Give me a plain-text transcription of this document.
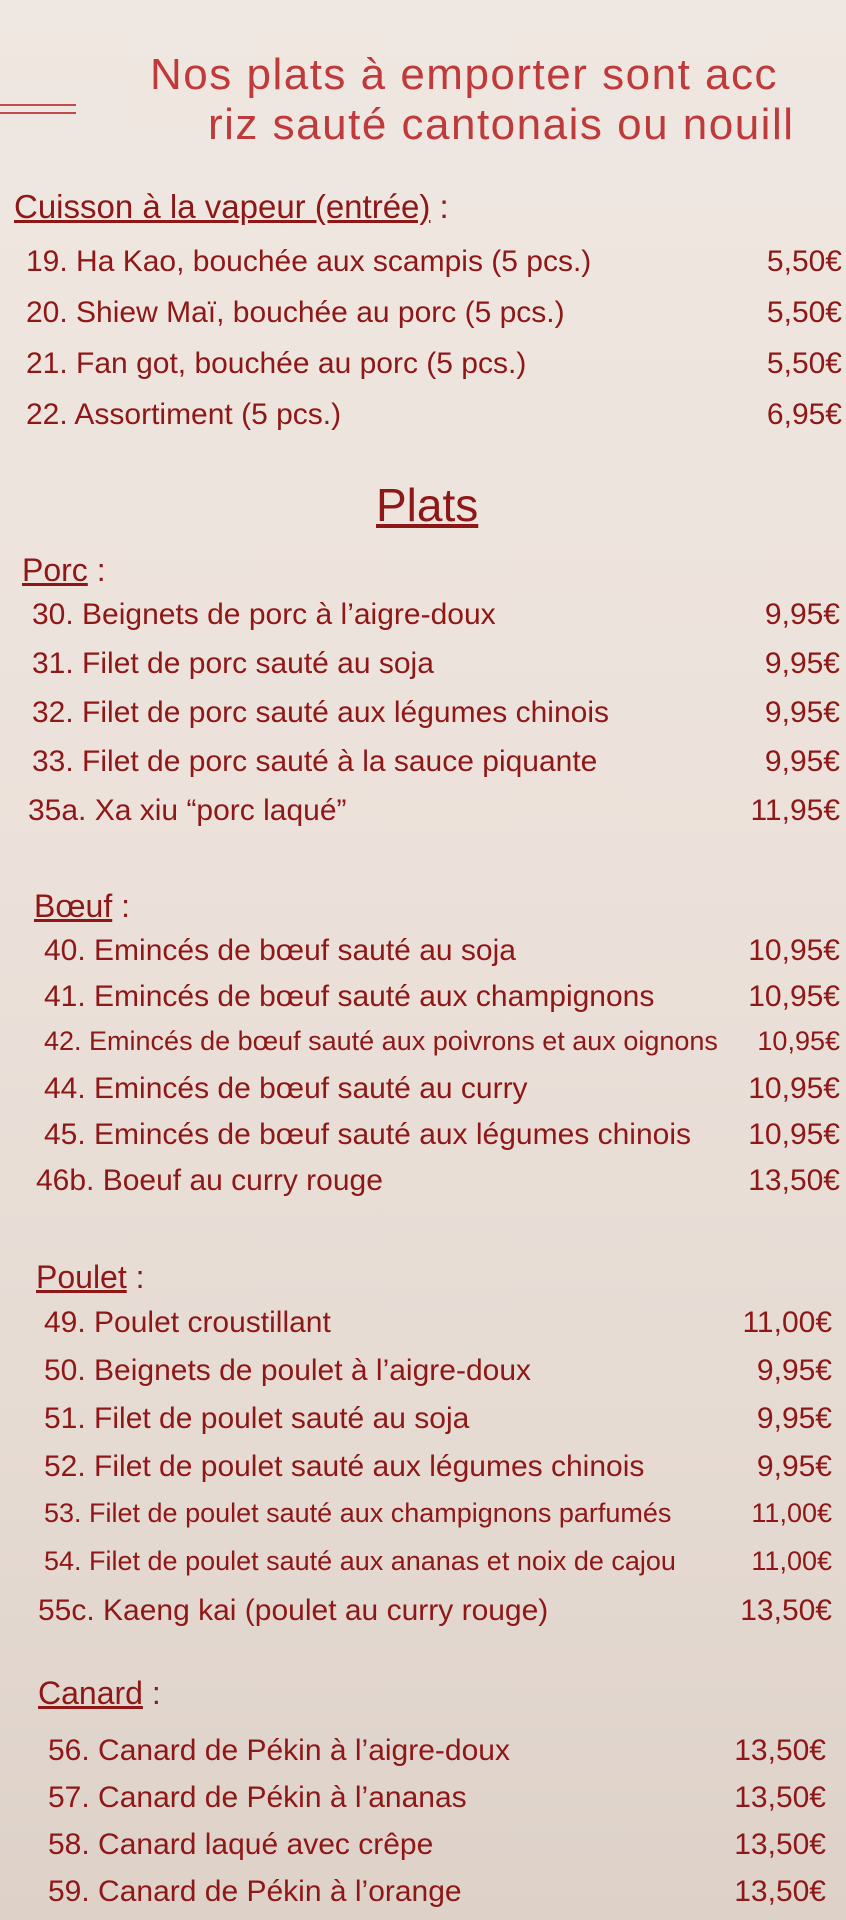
Nos plats à emporter sont acc
riz sauté cantonais ou nouill
Cuisson à la vapeur (entrée) :
19. Ha Kao, bouchée aux scampis (5 pcs.)	5,50€
20. Shiew Maï, bouchée au porc (5 pcs.)	5,50€
21. Fan got, bouchée au porc (5 pcs.)	5,50€
22. Assortiment (5 pcs.)	6,95€
Plats
Porc :
30. Beignets de porc à l’aigre-doux	9,95€
31. Filet de porc sauté au soja	9,95€
32. Filet de porc sauté aux légumes chinois	9,95€
33. Filet de porc sauté à la sauce piquante	9,95€
35a. Xa xiu “porc laqué”	11,95€
Bœuf :
40. Emincés de bœuf sauté au soja	10,95€
41. Emincés de bœuf sauté aux champignons	10,95€
42. Emincés de bœuf sauté aux poivrons et aux oignons 10,95€
44. Emincés de bœuf sauté au curry	10,95€
45. Emincés de bœuf sauté aux légumes chinois 10,95€
46b. Boeuf au curry rouge	13,50€
Poulet :
49. Poulet croustillant	11,00€
50. Beignets de poulet à l’aigre-doux	9,95€
51. Filet de poulet sauté au soja	9,95€
52. Filet de poulet sauté aux légumes chinois	9,95€
53. Filet de poulet sauté aux champignons parfumés	11,00€
54. Filet de poulet sauté aux ananas et noix de cajou	11,00€
55c. Kaeng kai (poulet au curry rouge)	13,50€
Canard :
56. Canard de Pékin à l’aigre-doux	13,50€
57. Canard de Pékin à l’ananas	13,50€
58. Canard laqué avec crêpe	13,50€
59. Canard de Pékin à l’orange	13,50€
